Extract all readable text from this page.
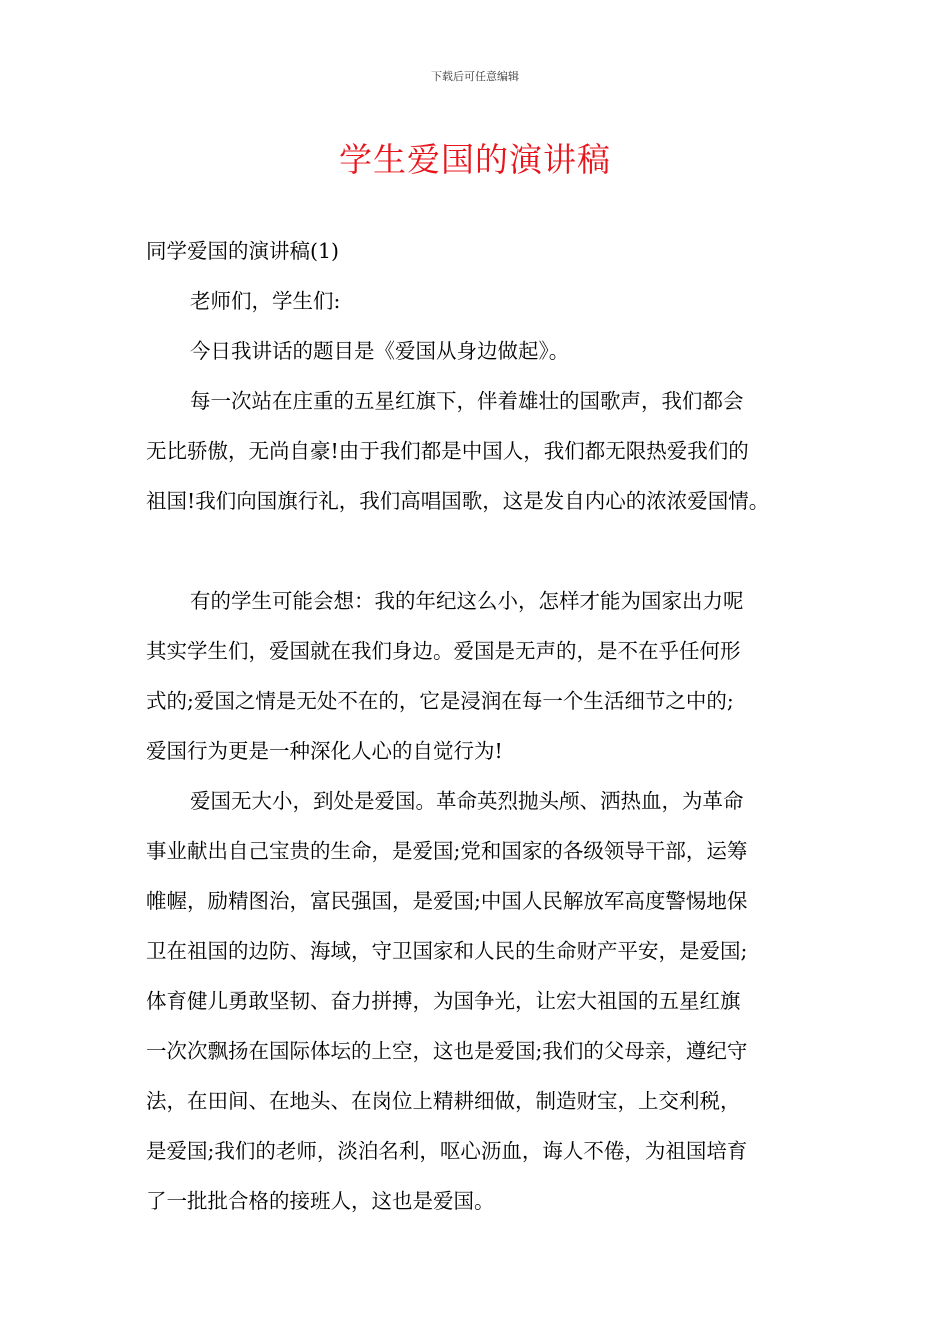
下载后可任意编辑
学生爱国的演讲稿
同学爱国的演讲稿(1)
老师们，学生们:
今日我讲话的题目是《爱国从身边做起》。
每一次站在庄重的五星红旗下，伴着雄壮的国歌声，我们都会
无比骄傲，无尚自豪!由于我们都是中国人，我们都无限热爱我们的
祖国!我们向国旗行礼，我们高唱国歌，这是发自内心的浓浓爱国情。
有的学生可能会想：我的年纪这么小，怎样才能为国家出力呢
其实学生们，爱国就在我们身边。爱国是无声的，是不在乎任何形
式的;爱国之情是无处不在的，它是浸润在每一个生活细节之中的;
爱国行为更是一种深化人心的自觉行为!
爱国无大小，到处是爱国。革命英烈抛头颅、洒热血，为革命
事业献出自己宝贵的生命，是爱国;党和国家的各级领导干部，运筹
帷幄，励精图治，富民强国，是爱国;中国人民解放军高度警惕地保
卫在祖国的边防、海域，守卫国家和人民的生命财产平安，是爱国;
体育健儿勇敢坚韧、奋力拼搏，为国争光，让宏大祖国的五星红旗
一次次飘扬在国际体坛的上空，这也是爱国;我们的父母亲，遵纪守
法，在田间、在地头、在岗位上精耕细做，制造财宝，上交利税，
是爱国;我们的老师，淡泊名利，呕心沥血，诲人不倦，为祖国培育
了一批批合格的接班人，这也是爱国。
